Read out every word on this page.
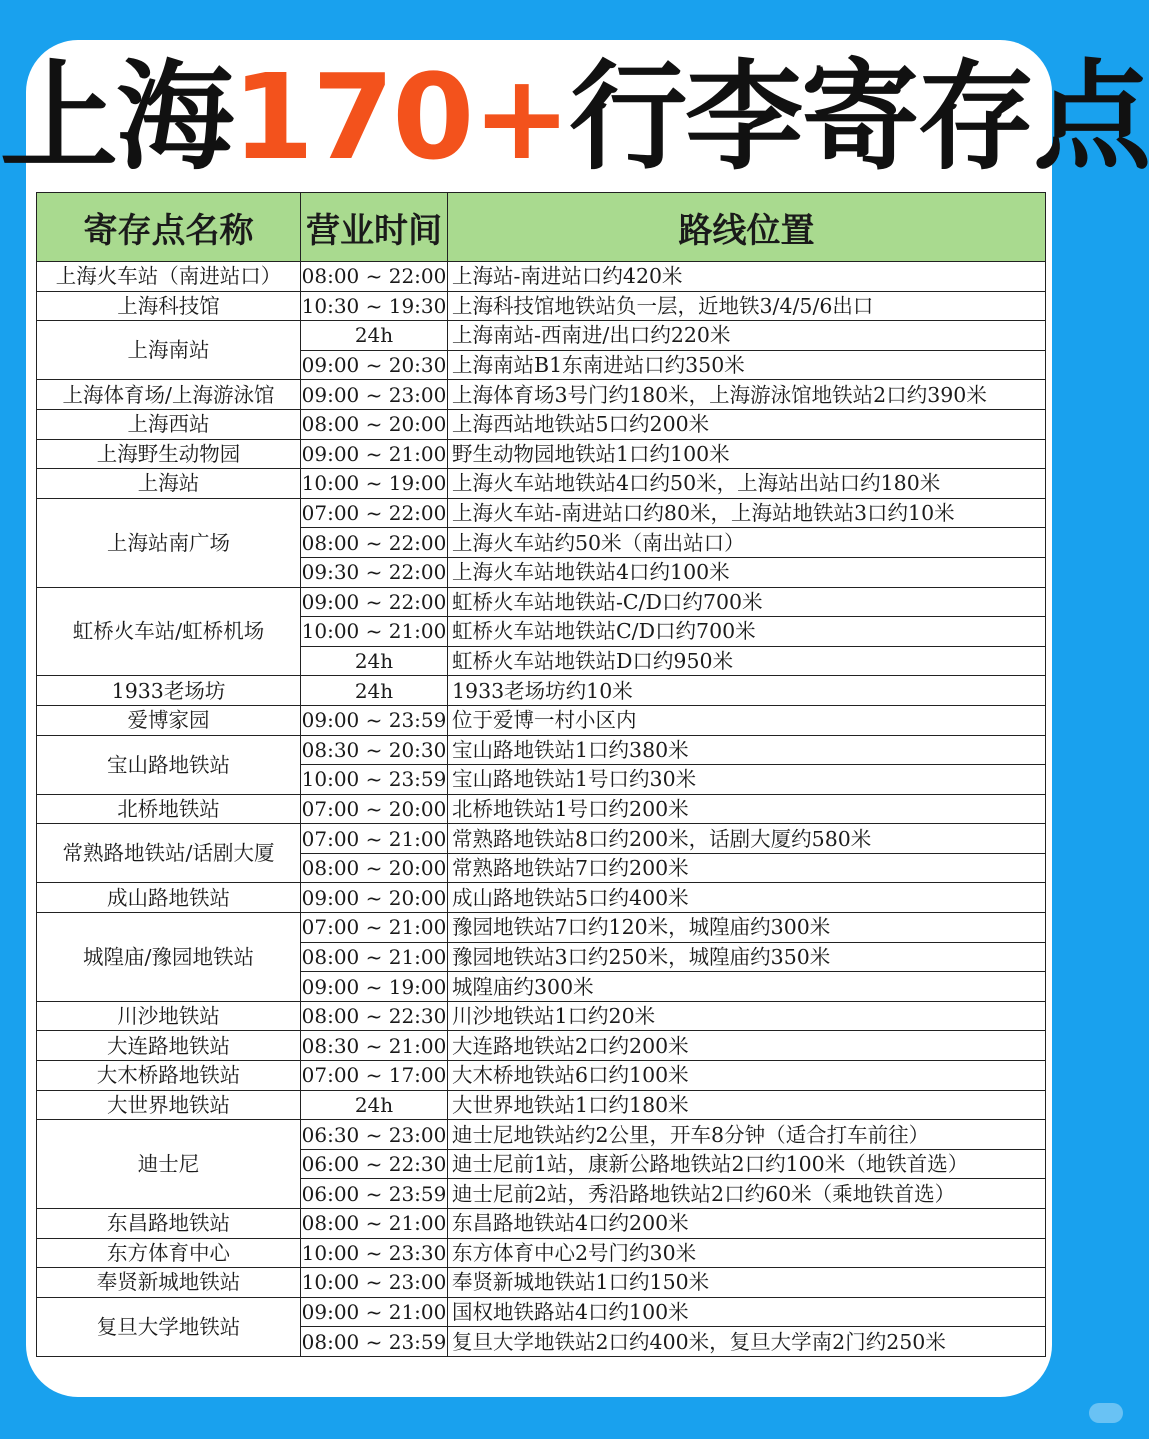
上海170+行李寄存点
寄存点名称	营业时间	路线位置
上海火车站（南进站口）	08:00 ~ 22:00	上海站-南进站口约420米
上海科技馆	10:30 ~ 19:30	上海科技馆地铁站负一层，近地铁3/4/5/6出口
上海南站	24h	上海南站-西南进/出口约220米
	09:00 ~ 20:30	上海南站B1东南进站口约350米
上海体育场/上海游泳馆	09:00 ~ 23:00	上海体育场3号门约180米，上海游泳馆地铁站2口约390米
上海西站	08:00 ~ 20:00	上海西站地铁站5口约200米
上海野生动物园	09:00 ~ 21:00	野生动物园地铁站1口约100米
上海站	10:00 ~ 19:00	上海火车站地铁站4口约50米，上海站出站口约180米
上海站南广场	07:00 ~ 22:00	上海火车站-南进站口约80米，上海站地铁站3口约10米
	08:00 ~ 22:00	上海火车站约50米（南出站口）
	09:30 ~ 22:00	上海火车站地铁站4口约100米
虹桥火车站/虹桥机场	09:00 ~ 22:00	虹桥火车站地铁站-C/D口约700米
	10:00 ~ 21:00	虹桥火车站地铁站C/D口约700米
	24h	虹桥火车站地铁站D口约950米
1933老场坊	24h	1933老场坊约10米
爱博家园	09:00 ~ 23:59	位于爱博一村小区内
宝山路地铁站	08:30 ~ 20:30	宝山路地铁站1口约380米
	10:00 ~ 23:59	宝山路地铁站1号口约30米
北桥地铁站	07:00 ~ 20:00	北桥地铁站1号口约200米
常熟路地铁站/话剧大厦	07:00 ~ 21:00	常熟路地铁站8口约200米，话剧大厦约580米
	08:00 ~ 20:00	常熟路地铁站7口约200米
成山路地铁站	09:00 ~ 20:00	成山路地铁站5口约400米
城隍庙/豫园地铁站	07:00 ~ 21:00	豫园地铁站7口约120米，城隍庙约300米
	08:00 ~ 21:00	豫园地铁站3口约250米，城隍庙约350米
	09:00 ~ 19:00	城隍庙约300米
川沙地铁站	08:00 ~ 22:30	川沙地铁站1口约20米
大连路地铁站	08:30 ~ 21:00	大连路地铁站2口约200米
大木桥路地铁站	07:00 ~ 17:00	大木桥地铁站6口约100米
大世界地铁站	24h	大世界地铁站1口约180米
迪士尼	06:30 ~ 23:00	迪士尼地铁站约2公里，开车8分钟（适合打车前往）
	06:00 ~ 22:30	迪士尼前1站，康新公路地铁站2口约100米（地铁首选）
	06:00 ~ 23:59	迪士尼前2站，秀沿路地铁站2口约60米（乘地铁首选）
东昌路地铁站	08:00 ~ 21:00	东昌路地铁站4口约200米
东方体育中心	10:00 ~ 23:30	东方体育中心2号门约30米
奉贤新城地铁站	10:00 ~ 23:00	奉贤新城地铁站1口约150米
复旦大学地铁站	09:00 ~ 21:00	国权地铁路站4口约100米
	08:00 ~ 23:59	复旦大学地铁站2口约400米，复旦大学南2门约250米
